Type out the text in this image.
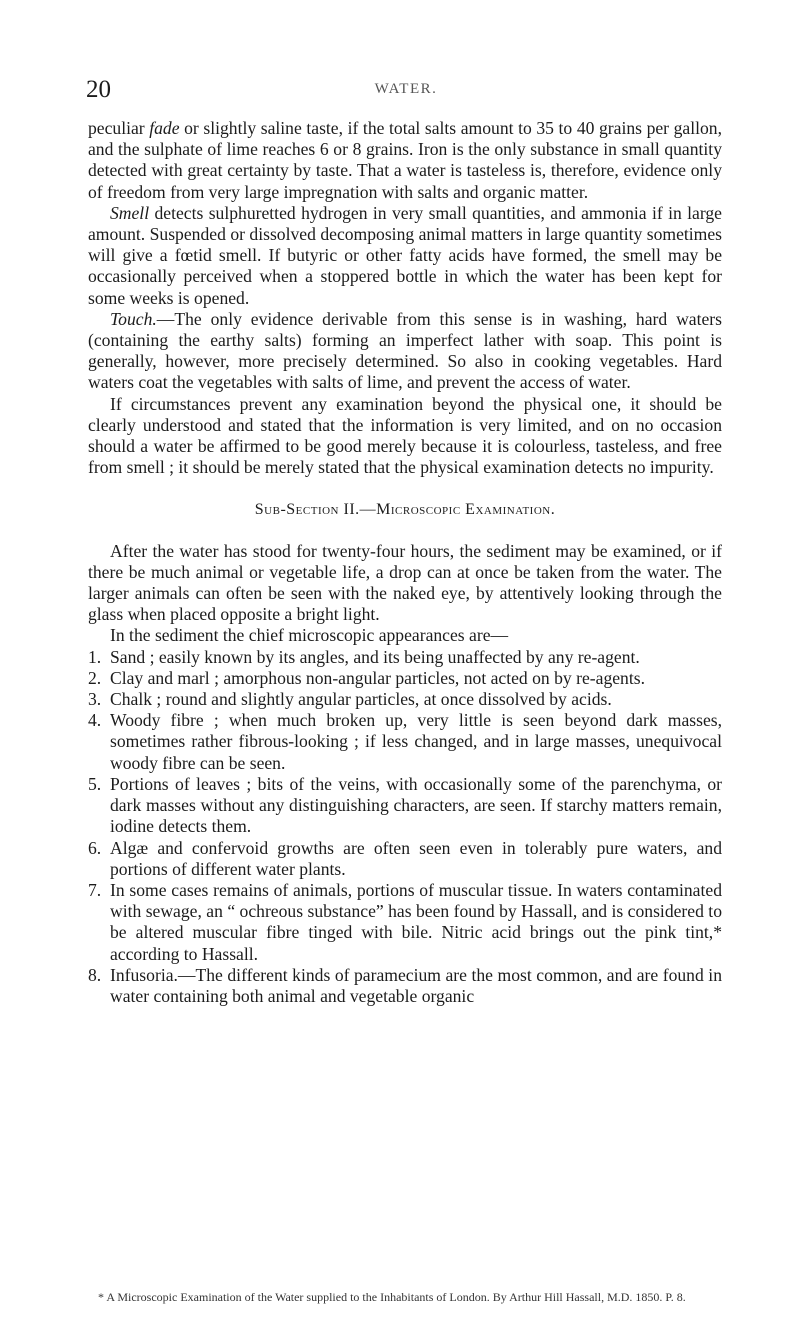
20	WATER.

peculiar fade or slightly saline taste, if the total salts amount to 35 to 40 grains per gallon, and the sulphate of lime reaches 6 or 8 grains. Iron is the only substance in small quantity detected with great certainty by taste. That a water is tasteless is, therefore, evidence only of freedom from very large impregnation with salts and organic matter.

Smell detects sulphuretted hydrogen in very small quantities, and ammonia if in large amount. Suspended or dissolved decomposing animal matters in large quantity sometimes will give a fœtid smell. If butyric or other fatty acids have formed, the smell may be occasionally perceived when a stoppered bottle in which the water has been kept for some weeks is opened.

Touch.—The only evidence derivable from this sense is in washing, hard waters (containing the earthy salts) forming an imperfect lather with soap. This point is generally, however, more precisely determined. So also in cooking vegetables. Hard waters coat the vegetables with salts of lime, and prevent the access of water.

If circumstances prevent any examination beyond the physical one, it should be clearly understood and stated that the information is very limited, and on no occasion should a water be affirmed to be good merely because it is colourless, tasteless, and free from smell ; it should be merely stated that the physical examination detects no impurity.

Sub-Section II.—Microscopic Examination.

After the water has stood for twenty-four hours, the sediment may be examined, or if there be much animal or vegetable life, a drop can at once be taken from the water. The larger animals can often be seen with the naked eye, by attentively looking through the glass when placed opposite a bright light.

In the sediment the chief microscopic appearances are—

1. Sand ; easily known by its angles, and its being unaffected by any re-agent.
2. Clay and marl ; amorphous non-angular particles, not acted on by re-agents.
3. Chalk ; round and slightly angular particles, at once dissolved by acids.
4. Woody fibre ; when much broken up, very little is seen beyond dark masses, sometimes rather fibrous-looking ; if less changed, and in large masses, unequivocal woody fibre can be seen.
5. Portions of leaves ; bits of the veins, with occasionally some of the parenchyma, or dark masses without any distinguishing characters, are seen. If starchy matters remain, iodine detects them.
6. Algæ and confervoid growths are often seen even in tolerably pure waters, and portions of different water plants.
7. In some cases remains of animals, portions of muscular tissue. In waters contaminated with sewage, an “ ochreous substance” has been found by Hassall, and is considered to be altered muscular fibre tinged with bile. Nitric acid brings out the pink tint,* according to Hassall.
8. Infusoria.—The different kinds of paramecium are the most common, and are found in water containing both animal and vegetable organic

* A Microscopic Examination of the Water supplied to the Inhabitants of London. By Arthur Hill Hassall, M.D. 1850. P. 8.
